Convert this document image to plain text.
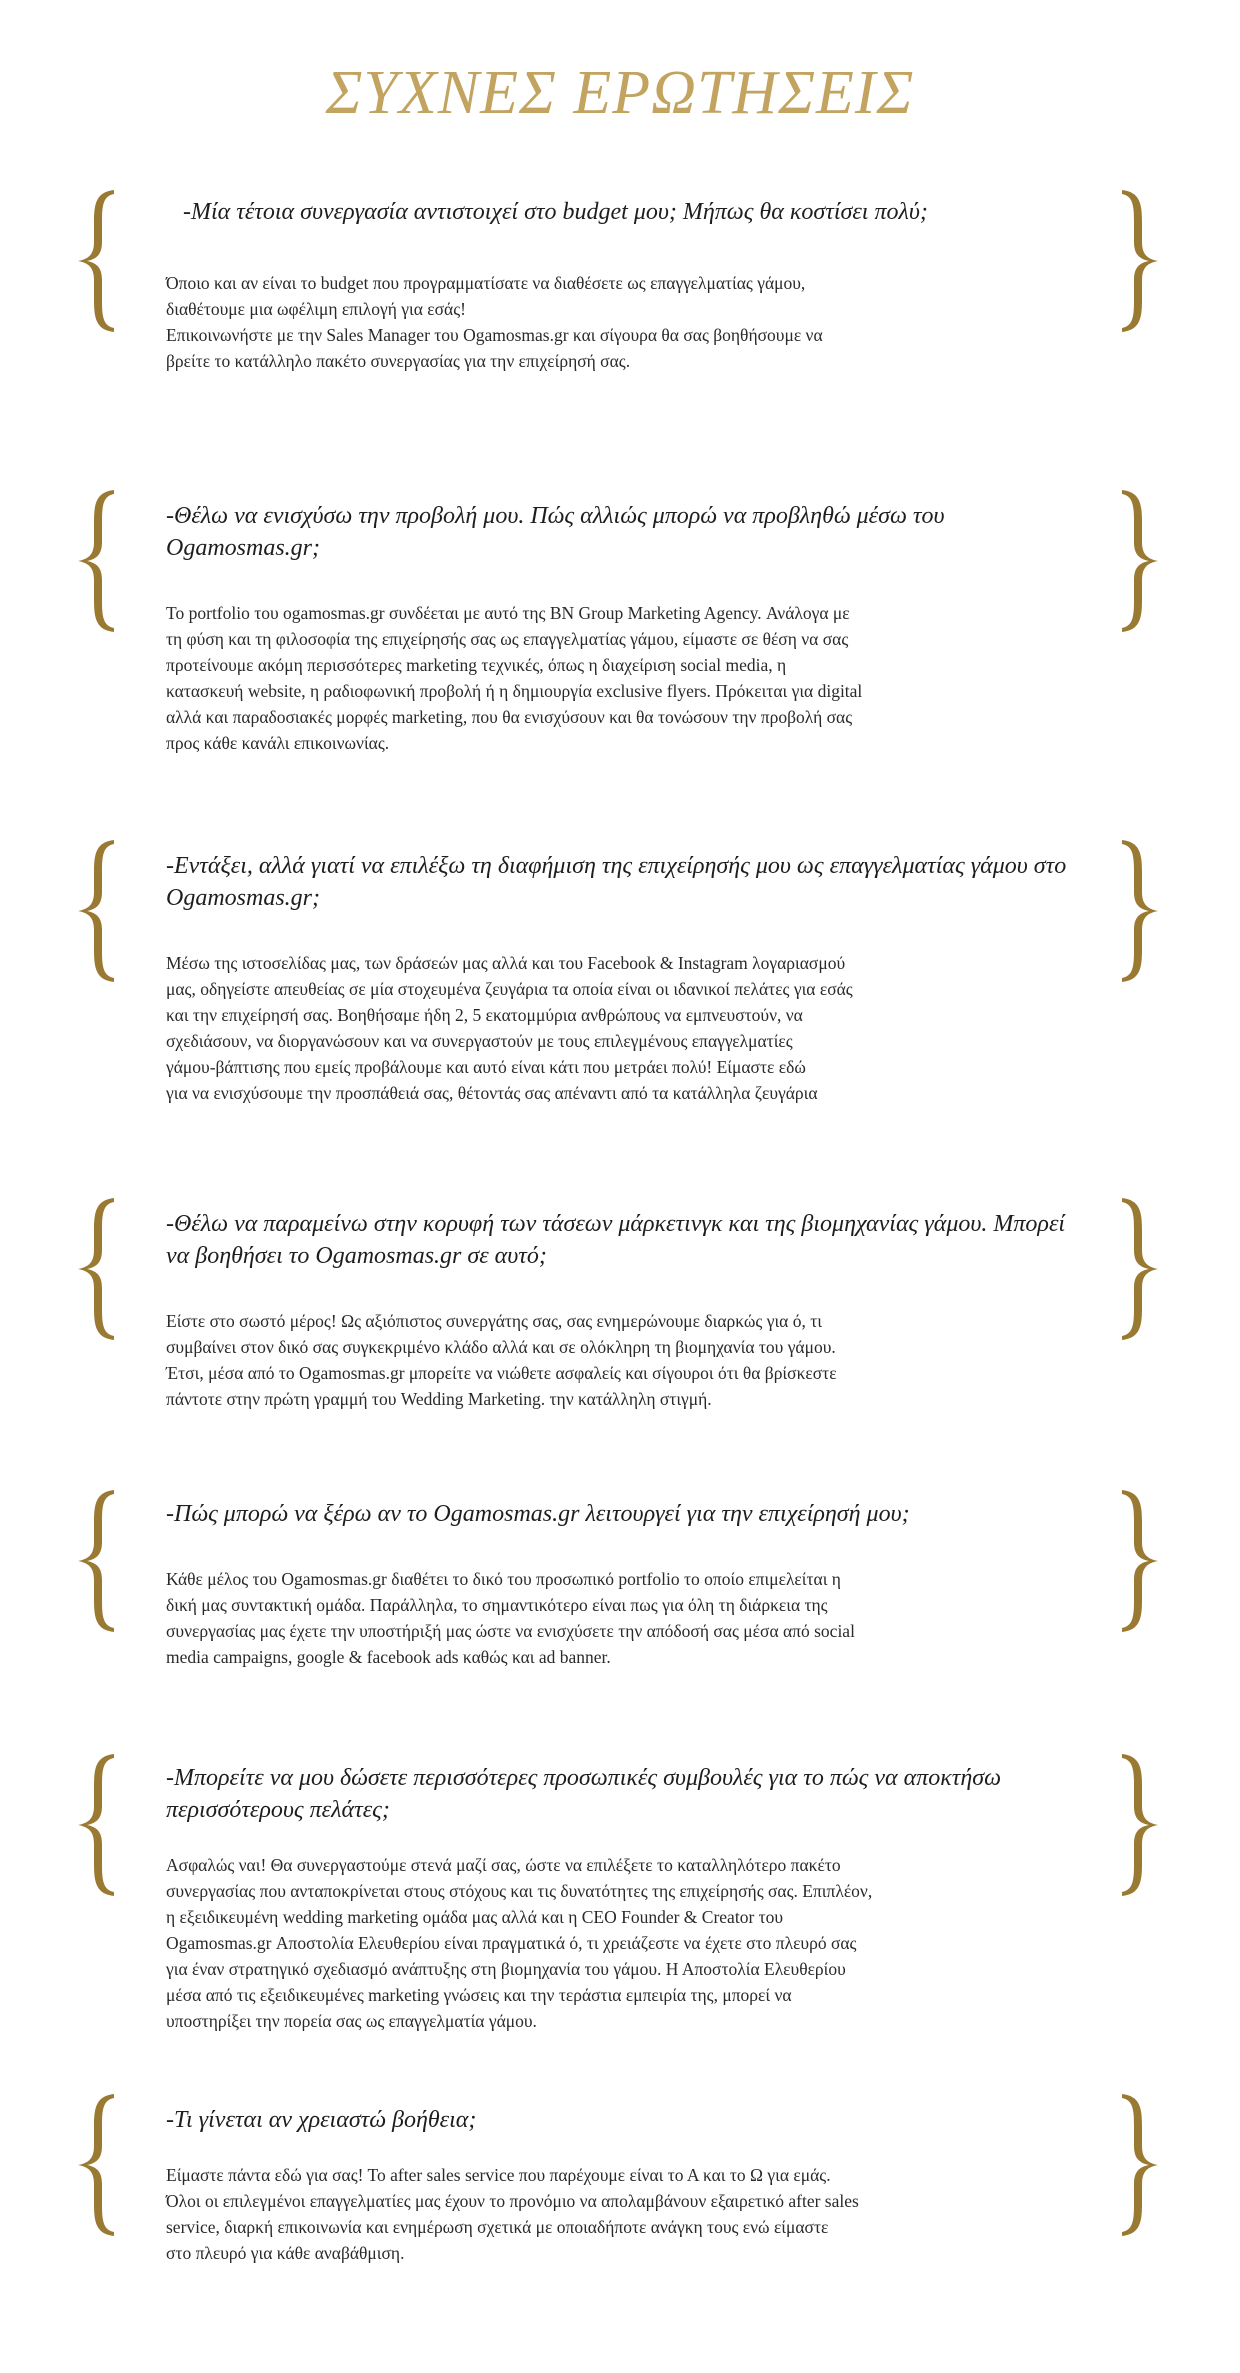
ΣΥΧΝΕΣ ΕΡΩΤΗΣΕΙΣ
-Μία τέτοια συνεργασία αντιστοιχεί στο budget μου; Μήπως θα κοστίσει πολύ;
Όποιο και αν είναι το budget που προγραμματίσατε να διαθέσετε ως επαγγελματίας γάμου,
διαθέτουμε μια ωφέλιμη επιλογή για εσάς!
Επικοινωνήστε με την Sales Manager του Ogamosmas.gr και σίγουρα θα σας βοηθήσουμε να
βρείτε το κατάλληλο πακέτο συνεργασίας για την επιχείρησή σας.
-Θέλω να ενισχύσω την προβολή μου. Πώς αλλιώς μπορώ να προβληθώ μέσω του Ogamosmas.gr;
Το portfolio του ogamosmas.gr συνδέεται με αυτό της BN Group Marketing Agency. Ανάλογα με
τη φύση και τη φιλοσοφία της επιχείρησής σας ως επαγγελματίας γάμου, είμαστε σε θέση να σας
προτείνουμε ακόμη περισσότερες marketing τεχνικές, όπως η διαχείριση social media, η
κατασκευή website, η ραδιοφωνική προβολή ή η δημιουργία exclusive flyers. Πρόκειται για digital
αλλά και παραδοσιακές μορφές marketing, που θα ενισχύσουν και θα τονώσουν την προβολή σας
προς κάθε κανάλι επικοινωνίας.
-Εντάξει, αλλά γιατί να επιλέξω τη διαφήμιση της επιχείρησής μου ως επαγγελματίας γάμου στο Ogamosmas.gr;
Μέσω της ιστοσελίδας μας, των δράσεών μας αλλά και του Facebook & Instagram λογαριασμού
μας, οδηγείστε απευθείας σε μία στοχευμένα ζευγάρια τα οποία είναι οι ιδανικοί πελάτες για εσάς
και την επιχείρησή σας. Βοηθήσαμε ήδη 2, 5 εκατομμύρια ανθρώπους να εμπνευστούν, να
σχεδιάσουν, να διοργανώσουν και να συνεργαστούν με τους επιλεγμένους επαγγελματίες
γάμου-βάπτισης που εμείς προβάλουμε και αυτό είναι κάτι που μετράει πολύ! Είμαστε εδώ
για να ενισχύσουμε την προσπάθειά σας, θέτοντάς σας απέναντι από τα κατάλληλα ζευγάρια
-Θέλω να παραμείνω στην κορυφή των τάσεων μάρκετινγκ και της βιομηχανίας γάμου. Μπορεί να βοηθήσει το Ogamosmas.gr σε αυτό;
Είστε στο σωστό μέρος! Ως αξιόπιστος συνεργάτης σας, σας ενημερώνουμε διαρκώς για ό, τι
συμβαίνει στον δικό σας συγκεκριμένο κλάδο αλλά και σε ολόκληρη τη βιομηχανία του γάμου.
Έτσι, μέσα από το Ogamosmas.gr μπορείτε να νιώθετε ασφαλείς και σίγουροι ότι θα βρίσκεστε
πάντοτε στην πρώτη γραμμή του Wedding Marketing. την κατάλληλη στιγμή.
-Πώς μπορώ να ξέρω αν το Ogamosmas.gr λειτουργεί για την επιχείρησή μου;
Κάθε μέλος του Ogamosmas.gr διαθέτει το δικό του προσωπικό portfolio το οποίο επιμελείται η
δική μας συντακτική ομάδα. Παράλληλα, το σημαντικότερο είναι πως για όλη τη διάρκεια της
συνεργασίας μας έχετε την υποστήριξή μας ώστε να ενισχύσετε την απόδοσή σας μέσα από social
media campaigns, google & facebook ads καθώς και ad banner.
-Μπορείτε να μου δώσετε περισσότερες προσωπικές συμβουλές για το πώς να αποκτήσω περισσότερους πελάτες;
Ασφαλώς ναι! Θα συνεργαστούμε στενά μαζί σας, ώστε να επιλέξετε το καταλληλότερο πακέτο
συνεργασίας που ανταποκρίνεται στους στόχους και τις δυνατότητες της επιχείρησής σας. Επιπλέον,
η εξειδικευμένη wedding marketing ομάδα μας αλλά και η CEO Founder & Creator του
Ogamosmas.gr Αποστολία Ελευθερίου είναι πραγματικά ό, τι χρειάζεστε να έχετε στο πλευρό σας
για έναν στρατηγικό σχεδιασμό ανάπτυξης στη βιομηχανία του γάμου. Η Αποστολία Ελευθερίου
μέσα από τις εξειδικευμένες marketing γνώσεις και την τεράστια εμπειρία της, μπορεί να
υποστηρίξει την πορεία σας ως επαγγελματία γάμου.
-Τι γίνεται αν χρειαστώ βοήθεια;
Είμαστε πάντα εδώ για σας! Το after sales service που παρέχουμε είναι το Α και το Ω για εμάς.
Όλοι οι επιλεγμένοι επαγγελματίες μας έχουν το προνόμιο να απολαμβάνουν εξαιρετικό after sales
service, διαρκή επικοινωνία και ενημέρωση σχετικά με οποιαδήποτε ανάγκη τους ενώ είμαστε
στο πλευρό για κάθε αναβάθμιση.
